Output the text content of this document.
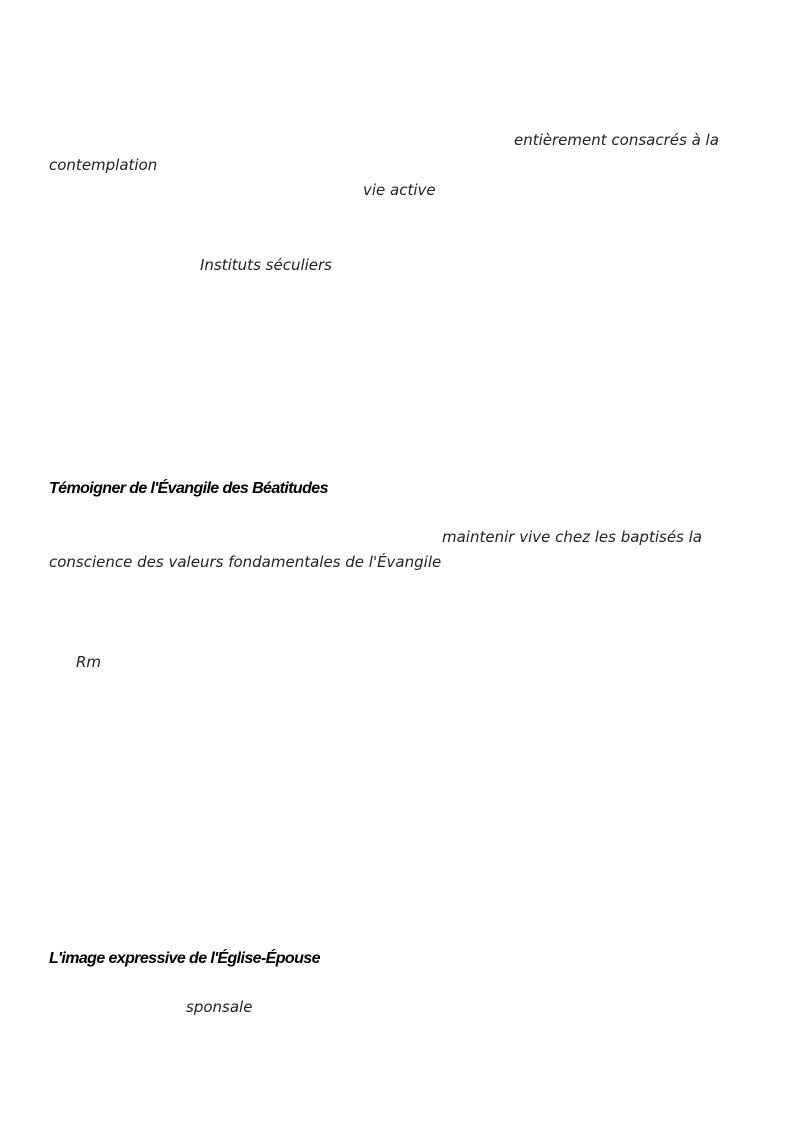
entièrement consacrés à la
contemplation
vie active
Instituts séculiers
Témoigner de l'Évangile des Béatitudes
maintenir vive chez les baptisés la
conscience des valeurs fondamentales de l'Évangile
Rm
L'image expressive de l'Église-Épouse
sponsale
